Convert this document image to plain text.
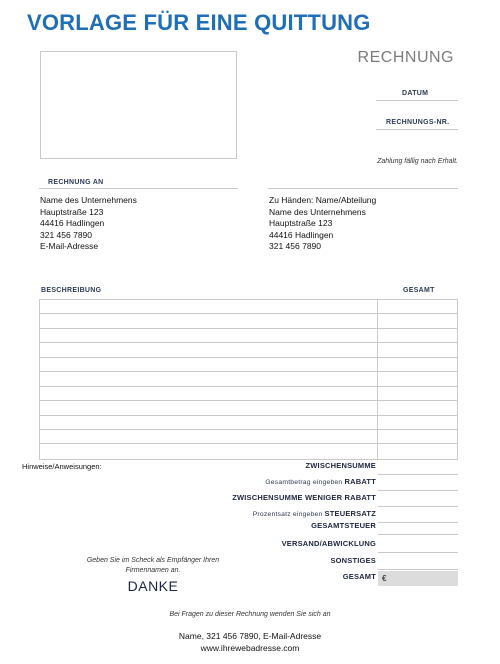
VORLAGE FÜR EINE QUITTUNG
RECHNUNG
DATUM
RECHNUNGS-NR.
Zahlung fällig nach Erhalt.
RECHNUNG AN
Name des Unternehmens
Hauptstraße 123
44416 Hadlingen
321 456 7890
E-Mail-Adresse
Zu Händen: Name/Abteilung
Name des Unternehmens
Hauptstraße 123
44416 Hadlingen
321 456 7890
BESCHREIBUNG	GESAMT
Hinweise/Anweisungen:	ZWISCHENSUMME
Gesamtbetrag eingeben RABATT
ZWISCHENSUMME WENIGER RABATT
Prozentsatz eingeben STEUERSATZ
GESAMTSTEUER
VERSAND/ABWICKLUNG
SONSTIGES
GESAMT €
Geben Sie im Scheck als Empfänger Ihren
Firmennamen an.
DANKE
Bei Fragen zu dieser Rechnung wenden Sie sich an
Name, 321 456 7890, E-Mail-Adresse
www.ihrewebadresse.com
